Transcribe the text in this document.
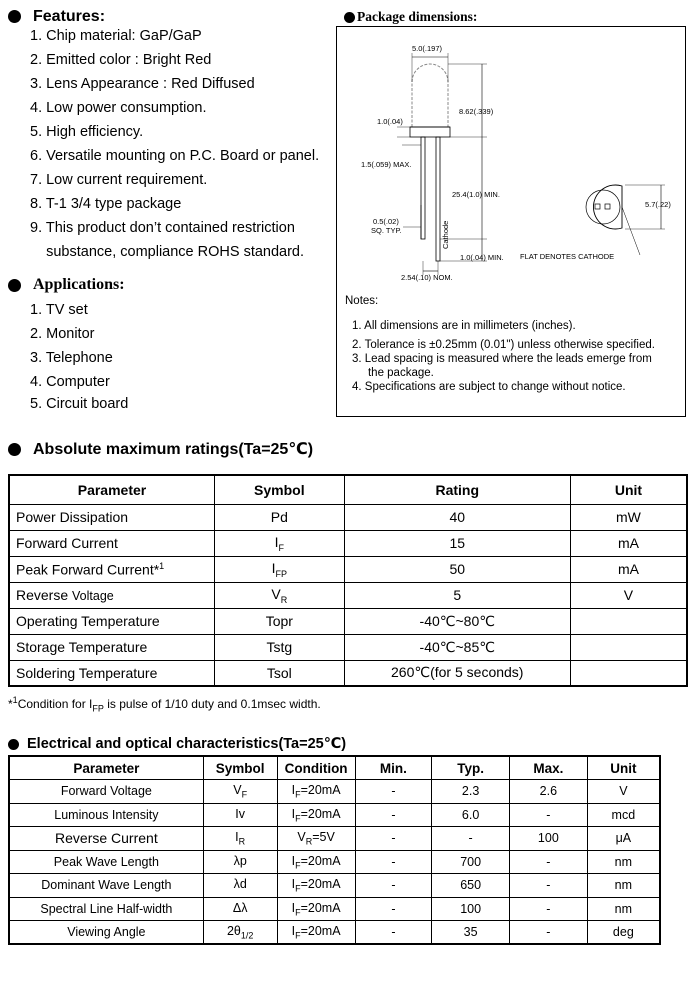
Features:
1. Chip material: GaP/GaP
2. Emitted color : Bright Red
3. Lens Appearance : Red Diffused
4. Low power consumption.
5. High efficiency.
6. Versatile mounting on P.C. Board or panel.
7. Low current requirement.
8. T-1 3/4 type package
9. This product don’t contained restriction
substance, compliance ROHS standard.
Applications:
1. TV set
2. Monitor
3. Telephone
4. Computer
5. Circuit board
Package dimensions:
5.0(.197)
8.62(.339)
1.0(.04)
1.5(.059) MAX.
25.4(1.0) MIN.
0.5(.02)
SQ. TYP.	Cathode
1.0(.04) MIN.
2.54(.10) NOM.
FLAT DENOTES CATHODE
5.7(.22)
Notes:
1. All dimensions are in millimeters (inches).
2. Tolerance is ±0.25mm (0.01") unless otherwise specified.
3. Lead spacing is measured where the leads emerge from
the package.
4. Specifications are subject to change without notice.
Absolute maximum ratings(Ta=25℃)
Parameter	Symbol	Rating	Unit
Power Dissipation	Pd	40	mW
Forward Current	$I_F$	15	mA
Peak Forward Current*$^1$	$I_{FP}$	50	mA
Reverse Voltage	$V_R$	5	V
Operating Temperature	Topr	-40℃~80℃	
Storage Temperature	Tstg	-40℃~85℃	
Soldering Temperature	Tsol	260℃(for 5 seconds)	
*$^1$Condition for $I_{FP}$ is pulse of 1/10 duty and 0.1msec width.
Electrical and optical characteristics(Ta=25℃)
Parameter	Symbol	Condition	Min.	Typ.	Max.	Unit
Forward Voltage	$V_F$	$I_F=20mA$	-	2.3	2.6	V
Luminous Intensity	Iv	$I_F=20mA$	-	6.0	-	mcd
Reverse Current	$I_R$	$V_R=5V$	-	-	100	μA
Peak Wave Length	λp	$I_F=20mA$	-	700	-	nm
Dominant Wave Length	λd	$I_F=20mA$	-	650	-	nm
Spectral Line Half-width	Δλ	$I_F=20mA$	-	100	-	nm
Viewing Angle	$2\theta_{1/2}$	$I_F=20mA$	-	35	-	deg
